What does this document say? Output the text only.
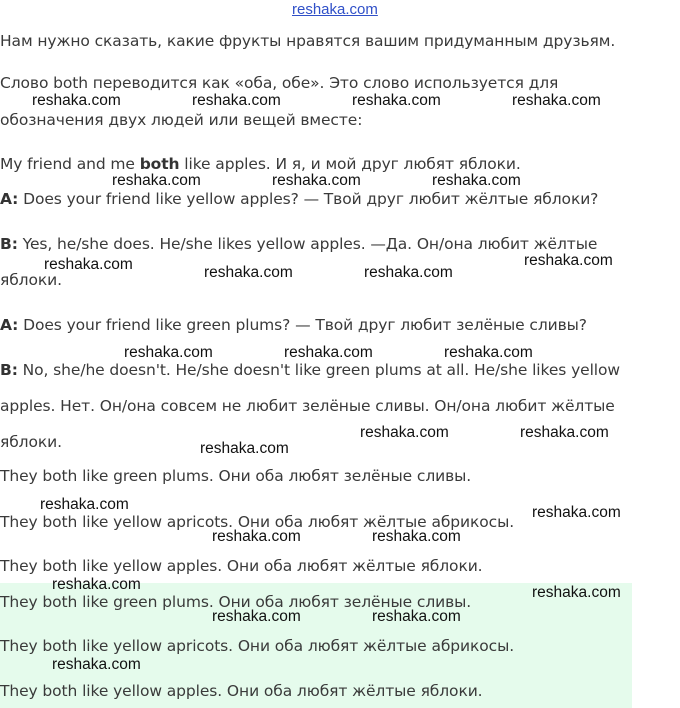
reshaka.com
Нам нужно сказать, какие фрукты нравятся вашим придуманным друзьям.
Слово both переводится как «оба, обе». Это слово используется для
обозначения двух людей или вещей вместе:
My friend and me both like apples. И я, и мой друг любят яблоки.
A: Does your friend like yellow apples? — Твой друг любит жёлтые яблоки?
B: Yes, he/she does. He/she likes yellow apples. —Да. Он/она любит жёлтые
яблоки.
A: Does your friend like green plums? — Твой друг любит зелёные сливы?
B: No, she/he doesn't. He/she doesn't like green plums at all. He/she likes yellow
apples. Нет. Он/она совсем не любит зелёные сливы. Он/она любит жёлтые
яблоки.
They both like green plums. Они оба любят зелёные сливы.
They both like yellow apricots. Они оба любят жёлтые абрикосы.
They both like yellow apples. Они оба любят жёлтые яблоки.
They both like green plums. Они оба любят зелёные сливы.
They both like yellow apricots. Они оба любят жёлтые абрикосы.
They both like yellow apples. Они оба любят жёлтые яблоки.
reshaka.com	reshaka.com	reshaka.com	reshaka.com
reshaka.com	reshaka.com	reshaka.com
reshaka.com	reshaka.com
reshaka.com	reshaka.com
reshaka.com	reshaka.com	reshaka.com
reshaka.com	reshaka.com
reshaka.com
reshaka.com	reshaka.com
reshaka.com	reshaka.com
reshaka.com	reshaka.com
reshaka.com	reshaka.com
reshaka.com
